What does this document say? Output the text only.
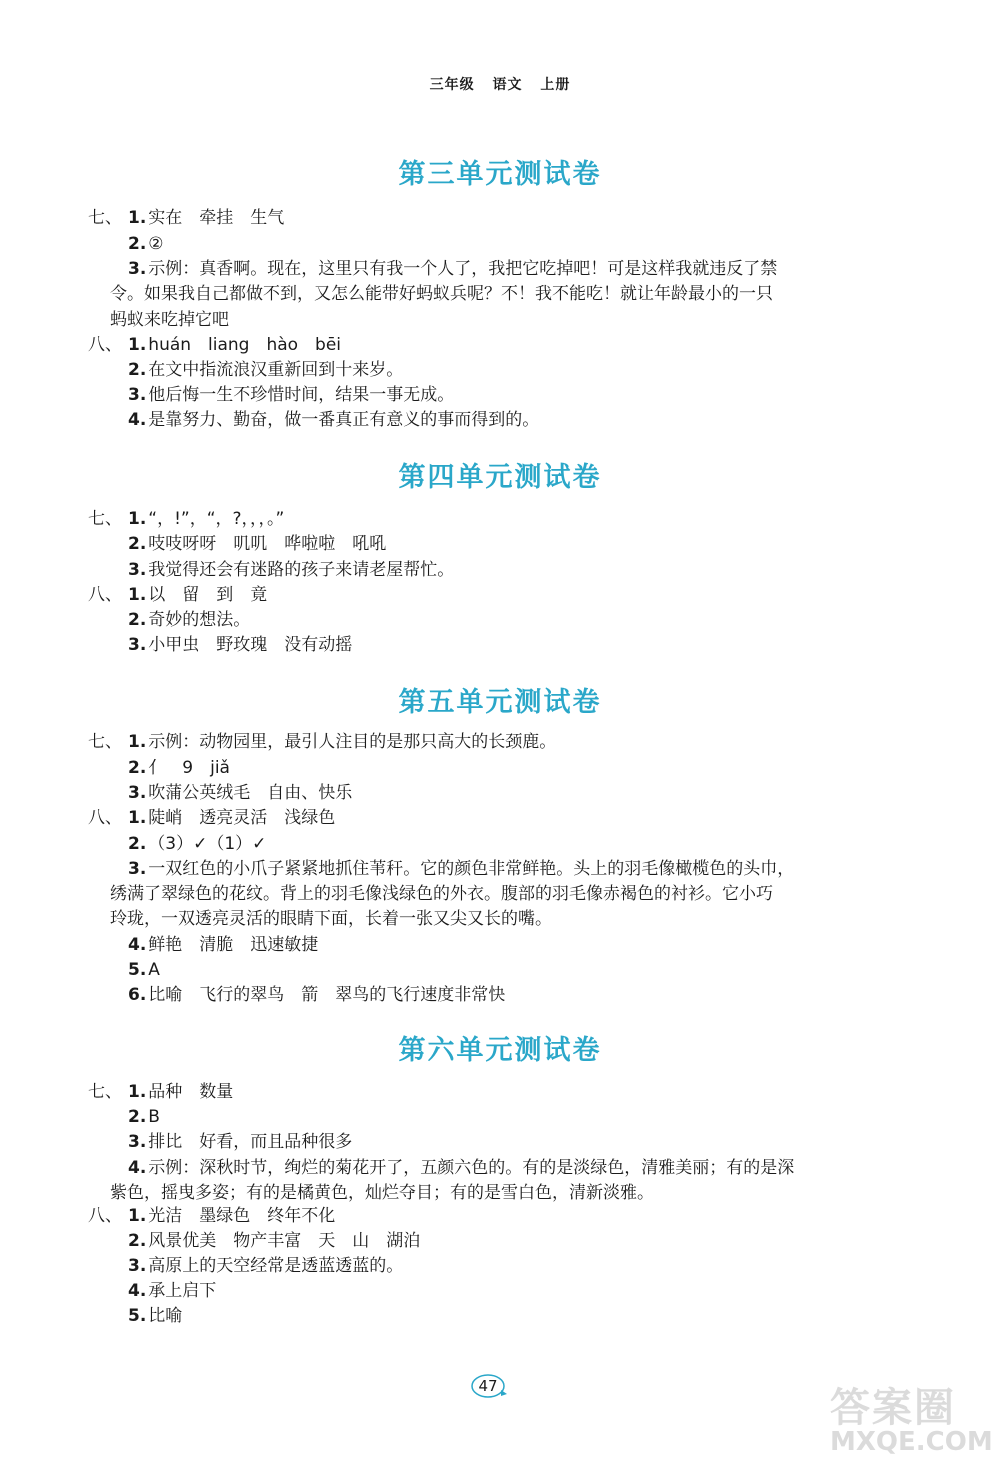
三年级 语文 上册
第三单元测试卷
七、 1. 实在　牵挂　生气
2. ②
3. 示例：真香啊。现在，这里只有我一个人了，我把它吃掉吧！可是这样我就违反了禁
令。如果我自己都做不到，又怎么能带好蚂蚁兵呢？不！我不能吃！就让年龄最小的一只
蚂蚁来吃掉它吧
八、 1. huán　liang　hào　bēi
2. 在文中指流浪汉重新回到十来岁。
3. 他后悔一生不珍惜时间，结果一事无成。
4. 是靠努力、勤奋，做一番真正有意义的事而得到的。
第四单元测试卷
七、 1. “，!”，“，?，，，。”
2. 吱吱呀呀　叽叽　哗啦啦　吼吼
3. 我觉得还会有迷路的孩子来请老屋帮忙。
八、 1. 以　留　到　竟
2. 奇妙的想法。
3. 小甲虫　野玫瑰　没有动摇
第五单元测试卷
七、 1. 示例：动物园里，最引人注目的是那只高大的长颈鹿。
2. 亻　9　jiǎ
3. 吹蒲公英绒毛　自由、快乐
八、 1. 陡峭　透亮灵活　浅绿色
2. （3）✓（1）✓
3. 一双红色的小爪子紧紧地抓住苇秆。它的颜色非常鲜艳。头上的羽毛像橄榄色的头巾，
绣满了翠绿色的花纹。背上的羽毛像浅绿色的外衣。腹部的羽毛像赤褐色的衬衫。它小巧
玲珑，一双透亮灵活的眼睛下面，长着一张又尖又长的嘴。
4. 鲜艳　清脆　迅速敏捷
5. A
6. 比喻　飞行的翠鸟　箭　翠鸟的飞行速度非常快
第六单元测试卷
七、 1. 品种　数量
2. B
3. 排比　好看，而且品种很多
4. 示例：深秋时节，绚烂的菊花开了，五颜六色的。有的是淡绿色，清雅美丽；有的是深
紫色，摇曳多姿；有的是橘黄色，灿烂夺目；有的是雪白色，清新淡雅。
八、 1. 光洁　墨绿色　终年不化
2. 风景优美　物产丰富　天　山　湖泊
3. 高原上的天空经常是透蓝透蓝的。
4. 承上启下
5. 比喻
47	答案圈
MXQE.COM
